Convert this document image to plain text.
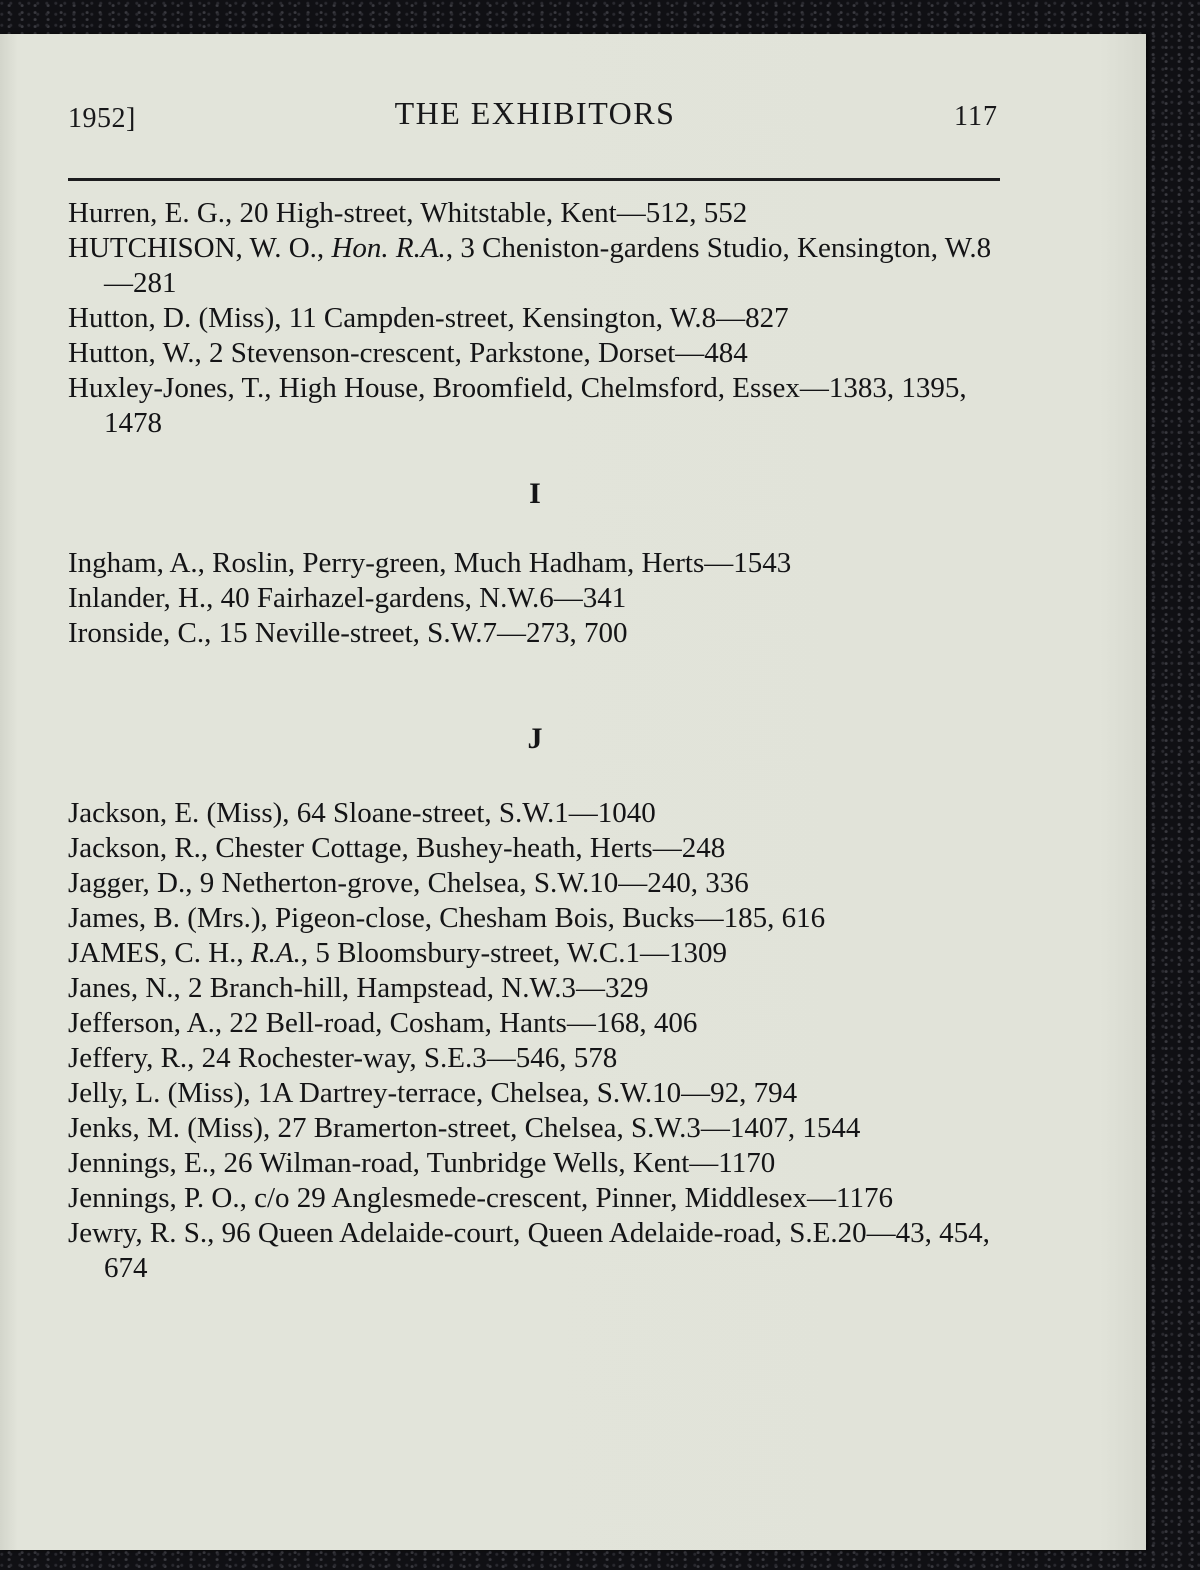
1952]	THE EXHIBITORS	117
Hurren, E. G., 20 High-street, Whitstable, Kent—512, 552
HUTCHISON, W. O., Hon. R.A., 3 Cheniston-gardens Studio, Kensington, W.8—281
Hutton, D. (Miss), 11 Campden-street, Kensington, W.8—827
Hutton, W., 2 Stevenson-crescent, Parkstone, Dorset—484
Huxley-Jones, T., High House, Broomfield, Chelmsford, Essex—1383, 1395, 1478
I
Ingham, A., Roslin, Perry-green, Much Hadham, Herts—1543
Inlander, H., 40 Fairhazel-gardens, N.W.6—341
Ironside, C., 15 Neville-street, S.W.7—273, 700
J
Jackson, E. (Miss), 64 Sloane-street, S.W.1—1040
Jackson, R., Chester Cottage, Bushey-heath, Herts—248
Jagger, D., 9 Netherton-grove, Chelsea, S.W.10—240, 336
James, B. (Mrs.), Pigeon-close, Chesham Bois, Bucks—185, 616
JAMES, C. H., R.A., 5 Bloomsbury-street, W.C.1—1309
Janes, N., 2 Branch-hill, Hampstead, N.W.3—329
Jefferson, A., 22 Bell-road, Cosham, Hants—168, 406
Jeffery, R., 24 Rochester-way, S.E.3—546, 578
Jelly, L. (Miss), 1A Dartrey-terrace, Chelsea, S.W.10—92, 794
Jenks, M. (Miss), 27 Bramerton-street, Chelsea, S.W.3—1407, 1544
Jennings, E., 26 Wilman-road, Tunbridge Wells, Kent—1170
Jennings, P. O., c/o 29 Anglesmede-crescent, Pinner, Middlesex—1176
Jewry, R. S., 96 Queen Adelaide-court, Queen Adelaide-road, S.E.20—43, 454, 674
